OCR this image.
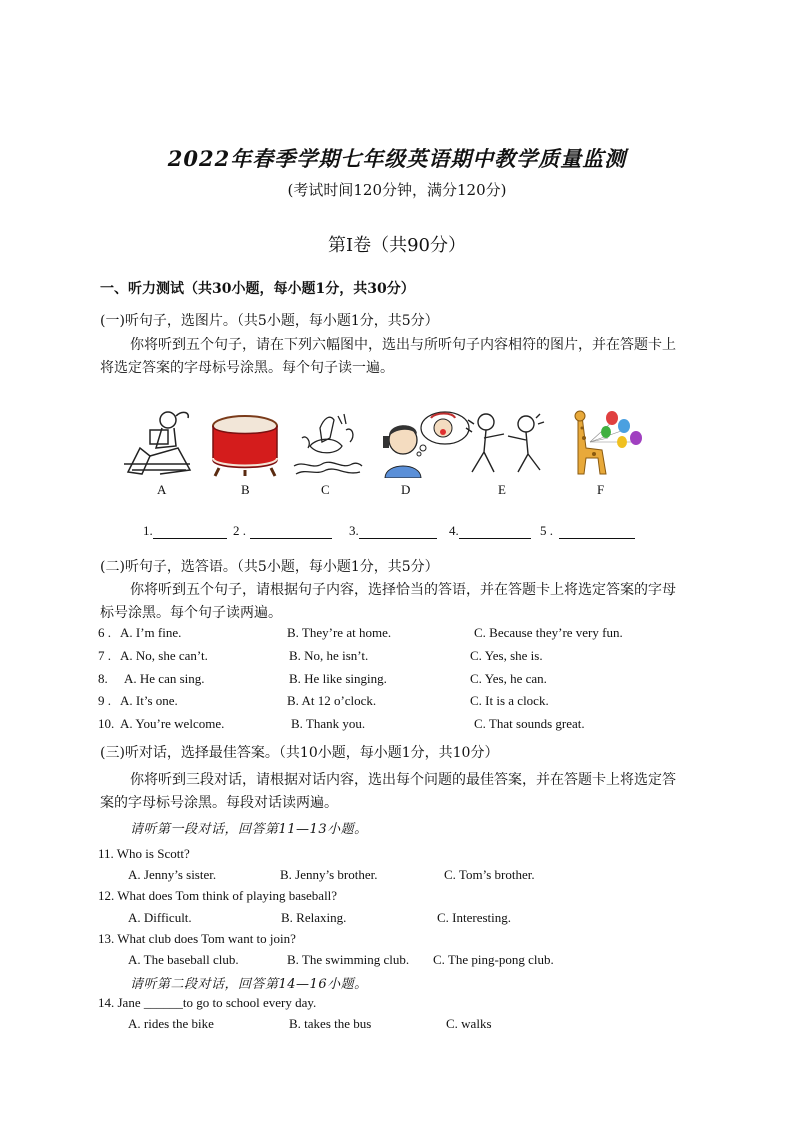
2022年春季学期七年级英语期中教学质量监测
(考试时间120分钟，满分120分)
第Ⅰ卷（共90分）
一、听力测试（共30小题，每小题1分，共30分）
(一)听句子，选图片。（共5小题，每小题1分，共5分）
你将听到五个句子，请在下列六幅图中，选出与所听句子内容相符的图片，并在答题卡上
将选定答案的字母标号涂黑。每个句子读一遍。
A	B	C	D	E	F
1.	2 .	3.	4.	5 .
(二)听句子，选答语。（共5小题，每小题1分，共5分）
你将听到五个句子，请根据句子内容，选择恰当的答语，并在答题卡上将选定答案的字母
标号涂黑。每个句子读两遍。
6 . A. I’m fine.	B. They’re at home.	C. Because they’re very fun.
7 . A. No, she can’t.	B. No, he isn’t.	C. Yes, she is.
8. A. He can sing.	B. He like singing.	C. Yes, he can.
9 . A. It’s one.	B. At 12 o’clock.	C. It is a clock.
10. A. You’re welcome.	B. Thank you.	C. That sounds great.
(三)听对话，选择最佳答案。（共10小题，每小题1分，共10分）
你将听到三段对话，请根据对话内容，选出每个问题的最佳答案，并在答题卡上将选定答
案的字母标号涂黑。每段对话读两遍。
请听第一段对话，回答第11—13小题。
11. Who is Scott?
A. Jenny’s sister.	B. Jenny’s brother.	C. Tom’s brother.
12. What does Tom think of playing baseball?
A. Difficult.	B. Relaxing.	C. Interesting.
13. What club does Tom want to join?
A. The baseball club.	B. The swimming club. C. The ping-pong club.
请听第二段对话，回答第14—16小题。
14. Jane ______to go to school every day.
A. rides the bike	B. takes the bus	C. walks
